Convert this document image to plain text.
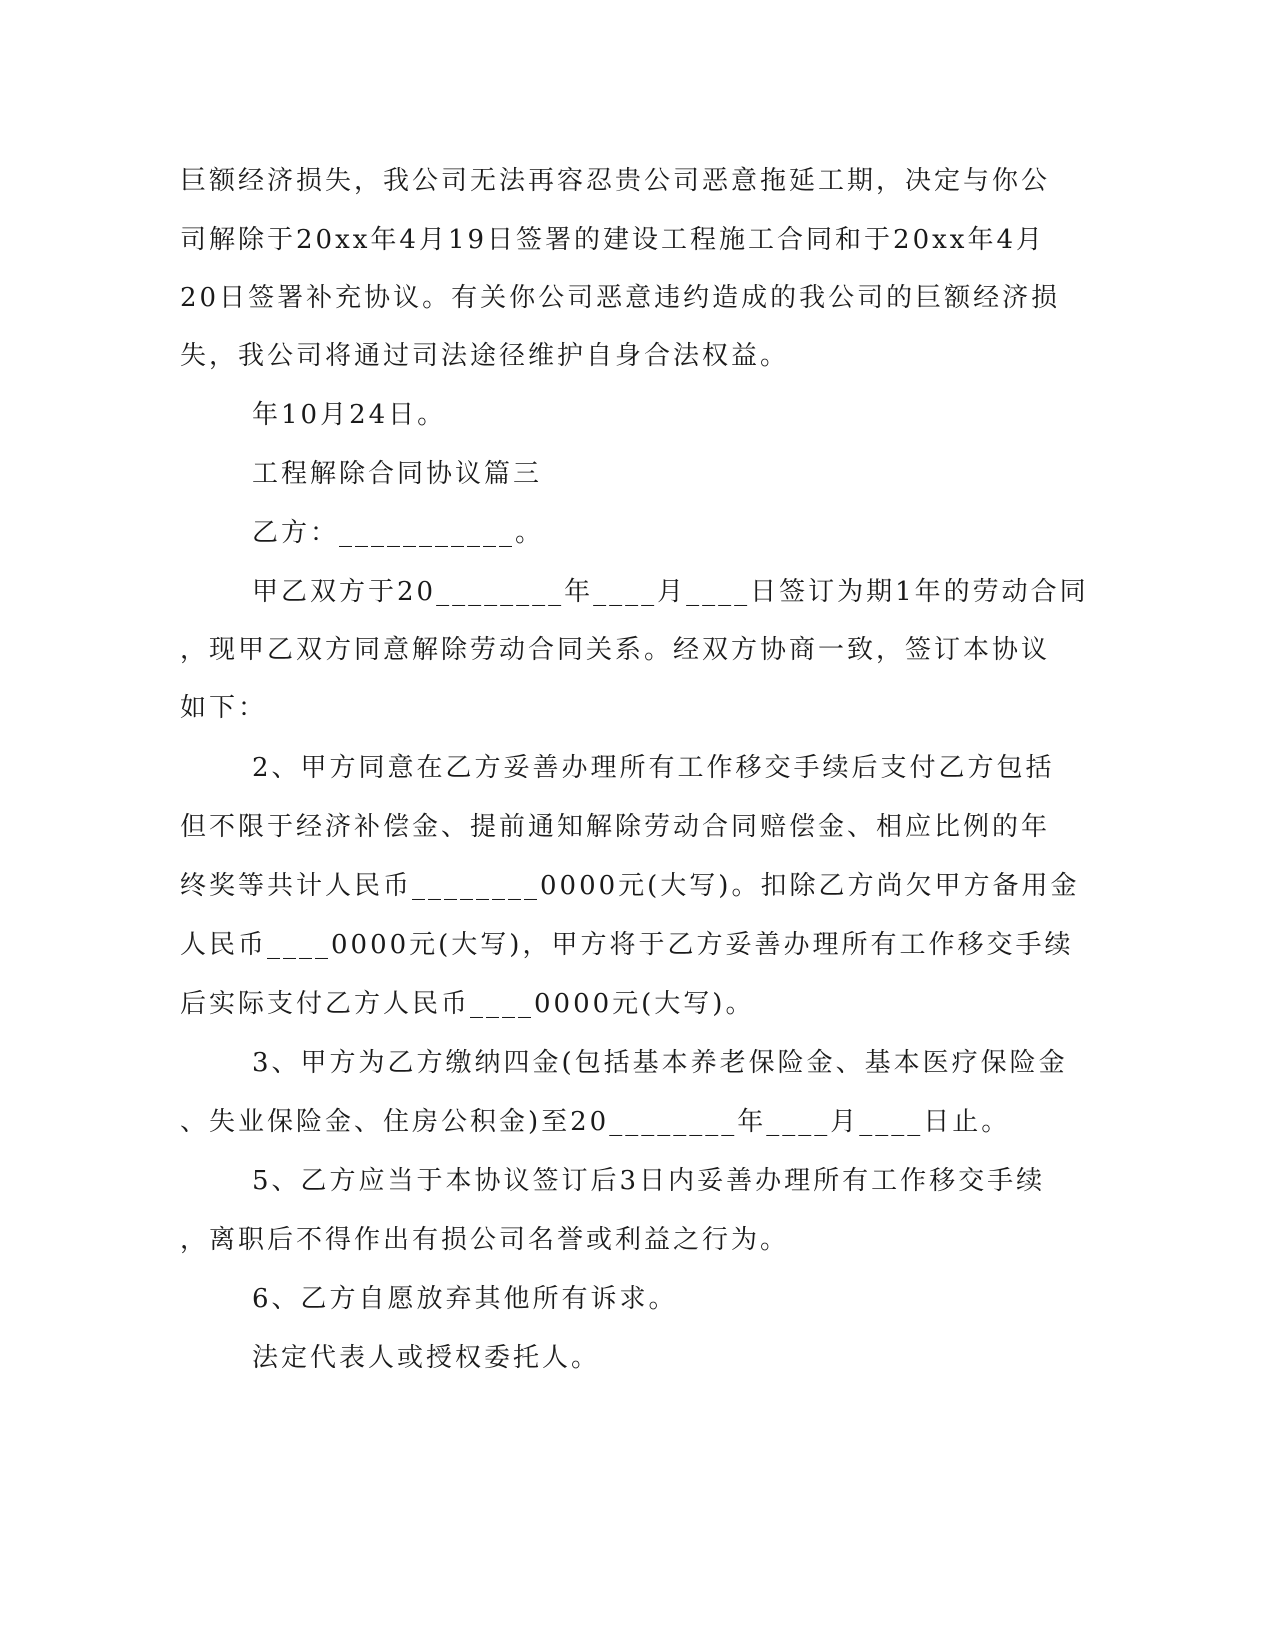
巨额经济损失，我公司无法再容忍贵公司恶意拖延工期，决定与你公
司解除于20xx年4月19日签署的建设工程施工合同和于20xx年4月
20日签署补充协议。有关你公司恶意违约造成的我公司的巨额经济损
失，我公司将通过司法途径维护自身合法权益。
年10月24日。
工程解除合同协议篇三
乙方：___________。
甲乙双方于20________年____月____日签订为期1年的劳动合同
，现甲乙双方同意解除劳动合同关系。经双方协商一致，签订本协议
如下：
2、甲方同意在乙方妥善办理所有工作移交手续后支付乙方包括
但不限于经济补偿金、提前通知解除劳动合同赔偿金、相应比例的年
终奖等共计人民币________0000元(大写)。扣除乙方尚欠甲方备用金
人民币____0000元(大写)，甲方将于乙方妥善办理所有工作移交手续
后实际支付乙方人民币____0000元(大写)。
3、甲方为乙方缴纳四金(包括基本养老保险金、基本医疗保险金
、失业保险金、住房公积金)至20________年____月____日止。
5、乙方应当于本协议签订后3日内妥善办理所有工作移交手续
，离职后不得作出有损公司名誉或利益之行为。
6、乙方自愿放弃其他所有诉求。
法定代表人或授权委托人。
